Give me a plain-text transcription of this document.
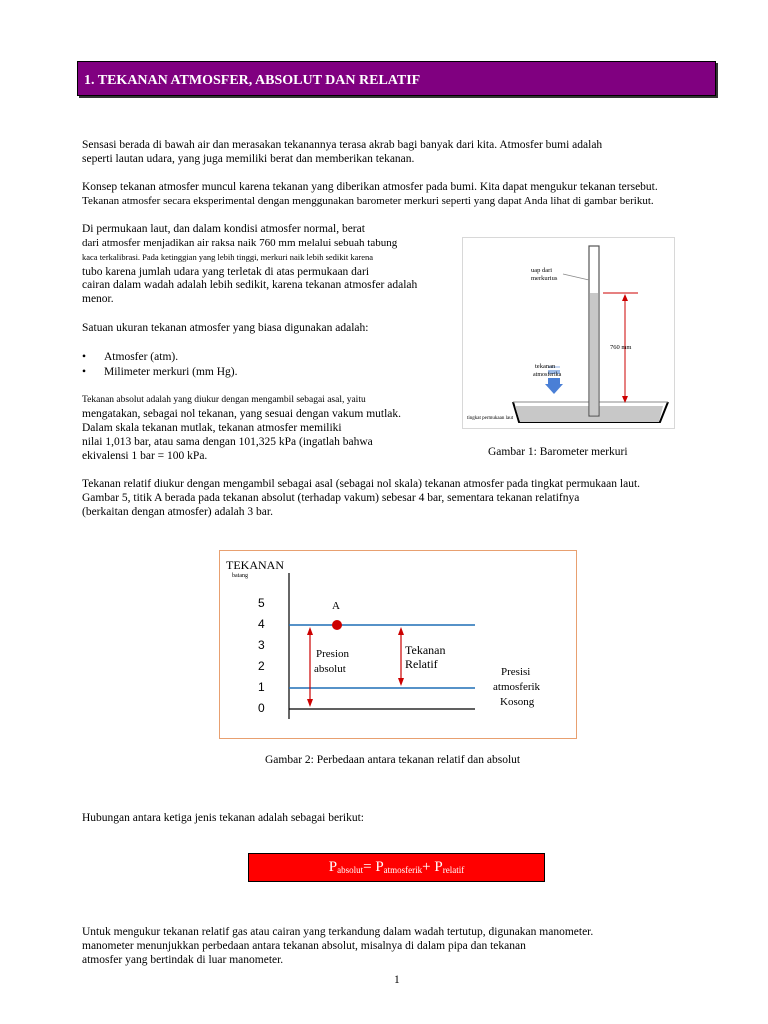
1. TEKANAN ATMOSFER, ABSOLUT DAN RELATIF
Sensasi berada di bawah air dan merasakan tekanannya terasa akrab bagi banyak dari kita. Atmosfer bumi adalah
seperti lautan udara, yang juga memiliki berat dan memberikan tekanan.
Konsep tekanan atmosfer muncul karena tekanan yang diberikan atmosfer pada bumi. Kita dapat mengukur tekanan tersebut.
Tekanan atmosfer secara eksperimental dengan menggunakan barometer merkuri seperti yang dapat Anda lihat di gambar berikut.
Di permukaan laut, dan dalam kondisi atmosfer normal, berat
dari atmosfer menjadikan air raksa naik 760 mm melalui sebuah tabung
kaca terkalibrasi. Pada ketinggian yang lebih tinggi, merkuri naik lebih sedikit karena
tubo karena jumlah udara yang terletak di atas permukaan dari
cairan dalam wadah adalah lebih sedikit, karena tekanan atmosfer adalah
menor.
Satuan ukuran tekanan atmosfer yang biasa digunakan adalah:
• Atmosfer (atm).
• Milimeter merkuri (mm Hg).
Tekanan absolut adalah yang diukur dengan mengambil sebagai asal, yaitu
mengatakan, sebagai nol tekanan, yang sesuai dengan vakum mutlak.
Dalam skala tekanan mutlak, tekanan atmosfer memiliki
nilai 1,013 bar, atau sama dengan 101,325 kPa (ingatlah bahwa
ekivalensi 1 bar = 100 kPa.
uap dari
merkurius
760 mm
tekanan
atmosferika
tingkat permukaan laut
Gambar 1: Barometer merkuri
Tekanan relatif diukur dengan mengambil sebagai asal (sebagai nol skala) tekanan atmosfer pada tingkat permukaan laut.
Gambar 5, titik A berada pada tekanan absolut (terhadap vakum) sebesar 4 bar, sementara tekanan relatifnya
(berkaitan dengan atmosfer) adalah 3 bar.
TEKANAN
batang
5
4
3
2
1
0
A
Presion
absolut
Tekanan
Relatif
Presisi
atmosferik
Kosong
Gambar 2: Perbedaan antara tekanan relatif dan absolut
Hubungan antara ketiga jenis tekanan adalah sebagai berikut:
$P_{absolut}= P_{atmosferik}+ P_{relatif}$
Untuk mengukur tekanan relatif gas atau cairan yang terkandung dalam wadah tertutup, digunakan manometer.
manometer menunjukkan perbedaan antara tekanan absolut, misalnya di dalam pipa dan tekanan
atmosfer yang bertindak di luar manometer.
1
